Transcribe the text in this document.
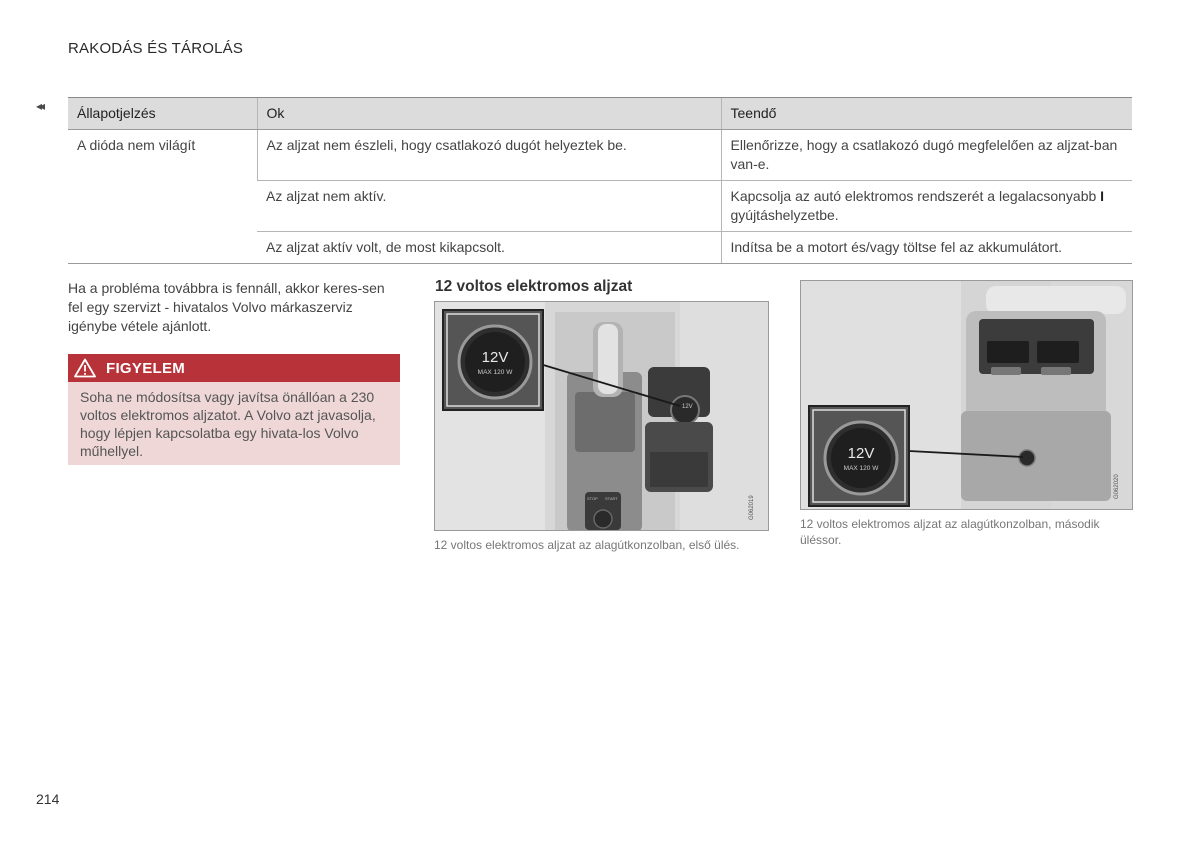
RAKODÁS ÉS TÁROLÁS
◂◂ Állapotjelzés	Ok	Teendő
A dióda nem világít	Az aljzat nem észleli, hogy csatlakozó dugót helyeztek be.	Ellenőrizze, hogy a csatlakozó dugó megfelelően az aljzat-ban van-e.
	Az aljzat nem aktív.	Kapcsolja az autó elektromos rendszerét a legalacsonyabb I gyújtáshelyzetbe.
	Az aljzat aktív volt, de most kikapcsolt.	Indítsa be a motort és/vagy töltse fel az akkumulátort.
Ha a probléma továbbra is fennáll, akkor keres-sen fel egy szervizt - hivatalos Volvo márkaszerviz igénybe vétele ajánlott.
FIGYELEM
Soha ne módosítsa vagy javítsa önállóan a 230 voltos elektromos aljzatot. A Volvo azt javasolja, hogy lépjen kapcsolatba egy hivata-los Volvo műhellyel.
12 voltos elektromos aljzat
STOP START
12V
12V
MAX 120 W
G062019
12 voltos elektromos aljzat az alagútkonzolban, első ülés.
12V
MAX 120 W
G062020
12 voltos elektromos aljzat az alagútkonzolban, második üléssor.
214
